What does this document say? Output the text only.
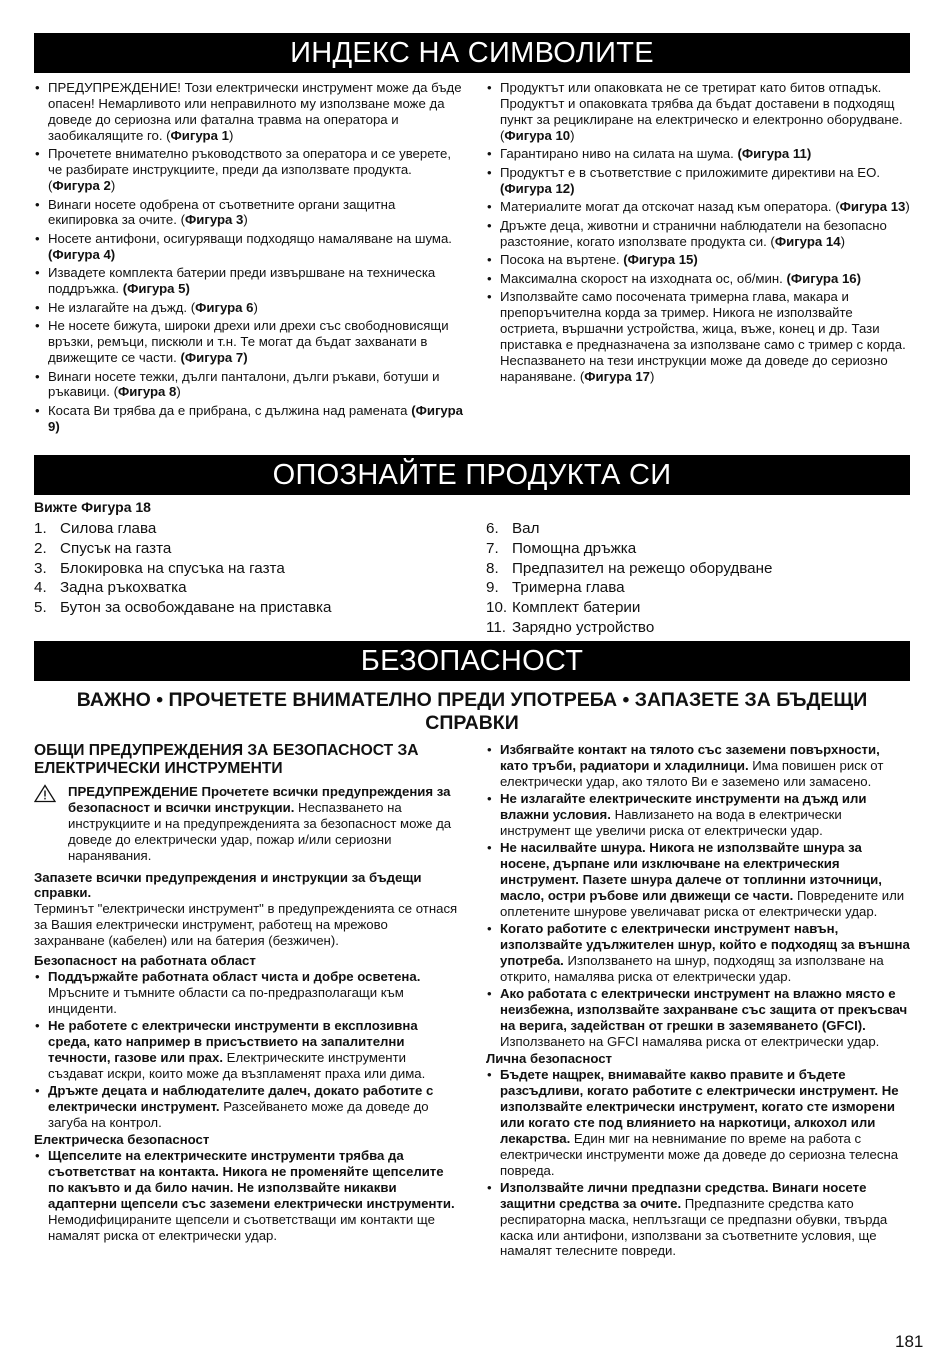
ИНДЕКС НА СИМВОЛИТЕ
• ПРЕДУПРЕЖДЕНИЕ! Този електрически инструмент може да бъде опасен! Немарливото или неправилното му използване може да доведе до сериозна или фатална травма на оператора и заобикалящите го. (Фигура 1)
• Прочетете внимателно ръководството за оператора и се уверете, че разбирате инструкциите, преди да използвате продукта. (Фигура 2)
• Винаги носете одобрена от съответните органи защитна екипировка за очите. (Фигура 3)
• Носете антифони, осигуряващи подходящо намаляване на шума. (Фигура 4)
• Извадете комплекта батерии преди извършване на техническа поддръжка. (Фигура 5)
• Не излагайте на дъжд. (Фигура 6)
• Не носете бижута, широки дрехи или дрехи със свободновисящи връзки, ремъци, пискюли и т.н. Те могат да бъдат захванати в движещите се части. (Фигура 7)
• Винаги носете тежки, дълги панталони, дълги ръкави, ботуши и ръкавици. (Фигура 8)
• Косата Ви трябва да е прибрана, с дължина над рамената (Фигура 9)
• Продуктът или опаковката не се третират като битов отпадък. Продуктът и опаковката трябва да бъдат доставени в подходящ пункт за рециклиране на електрическо и електронно оборудване. (Фигура 10)
• Гарантирано ниво на силата на шума. (Фигура 11)
• Продуктът е в съответствие с приложимите директиви на ЕО. (Фигура 12)
• Материалите могат да отскочат назад към оператора. (Фигура 13)
• Дръжте деца, животни и странични наблюдатели на безопасно разстояние, когато използвате продукта си. (Фигура 14)
• Посока на въртене. (Фигура 15)
• Максимална скорост на изходната ос, об/мин. (Фигура 16)
• Използвайте само посочената тримерна глава, макара и препоръчителна корда за тример. Никога не използвайте остриета, вършачни устройства, жица, въже, конец и др. Тази приставка е предназначена за използване само с тример с корда. Неспазването на тези инструкции може да доведе до сериозно нараняване. (Фигура 17)
ОПОЗНАЙТЕ ПРОДУКТА СИ

Вижте Фигура 18

1. Силова глава
2. Спусък на газта
3. Блокировка на спусъка на газта
4. Задна ръкохватка
5. Бутон за освобождаване на приставка
6. Вал
7. Помощна дръжка
8. Предпазител на режещо оборудване
9. Тримерна глава
10. Комплект батерии
11. Зарядно устройство
БЕЗОПАСНОСТ
ВАЖНО • ПРОЧЕТЕТЕ ВНИМАТЕЛНО ПРЕДИ УПОТРЕБА • ЗАПАЗЕТЕ ЗА БЪДЕЩИ
СПРАВКИ

ОБЩИ ПРЕДУПРЕЖДЕНИЯ ЗА БЕЗОПАСНОСТ ЗА ЕЛЕКТРИЧЕСКИ ИНСТРУМЕНТИ

ПРЕДУПРЕЖДЕНИЕ Прочетете всички предупреждения за безопасност и всички инструкции. Неспазването на инструкциите и на предупрежденията за безопасност може да доведе до електрически удар, пожар и/или сериозни наранявания.

Запазете всички предупреждения и инструкции за бъдещи справки.

Терминът "електрически инструмент" в предупрежденията се отнася за Вашия електрически инструмент, работещ на мрежово захранване (кабелен) или на батерия (безжичен).

Безопасност на работната област

• Поддържайте работната област чиста и добре осветена. Мръсните и тъмните области са по-предразполагащи към инциденти.
• Не работете с електрически инструменти в експлозивна среда, като например в присъствието на запалителни течности, газове или прах. Електрическите инструменти създават искри, които може да възпламенят праха или дима.
• Дръжте децата и наблюдателите далеч, докато работите с електрически инструмент. Разсейването може да доведе до загуба на контрол.

Електрическа безопасност

• Щепселите на електрическите инструменти трябва да съответстват на контакта. Никога не променяйте щепселите по какъвто и да било начин. Не използвайте никакви адаптерни щепсели със заземени електрически инструменти. Немодифицираните щепсели и съответстващи им контакти ще намалят риска от електрически удар.
• Избягвайте контакт на тялото със заземени повърхности, като тръби, радиатори и хладилници. Има повишен риск от електрически удар, ако тялото Ви е заземено или замасено.
• Не излагайте електрическите инструменти на дъжд или влажни условия. Навлизането на вода в електрически инструмент ще увеличи риска от електрически удар.
• Не насилвайте шнура. Никога не използвайте шнура за носене, дърпане или изключване на електрическия инструмент. Пазете шнура далече от топлинни източници, масло, остри ръбове или движещи се части. Повредените или оплетените шнурове увеличават риска от електрически удар.
• Когато работите с електрически инструмент навън, използвайте удължителен шнур, който е подходящ за външна употреба. Използването на шнур, подходящ за използване на открито, намалява риска от електрически удар.
• Ако работата с електрически инструмент на влажно място е неизбежна, използвайте захранване със защита от прекъсвач на верига, задействан от грешки в заземяването (GFCI). Използването на GFCI намалява риска от електрически удар.

Лична безопасност

• Бъдете нащрек, внимавайте какво правите и бъдете разсъдливи, когато работите с електрически инструмент. Не използвайте електрически инструмент, когато сте изморени или когато сте под влиянието на наркотици, алкохол или лекарства. Един миг на невнимание по време на работа с електрически инструменти може да доведе до сериозна телесна повреда.
• Използвайте лични предпазни средства. Винаги носете защитни средства за очите. Предпазните средства като респираторна маска, неплъзгащи се предпазни обувки, твърда каска или антифони, използвани за съответните условия, ще намалят телесните повреди.
181
